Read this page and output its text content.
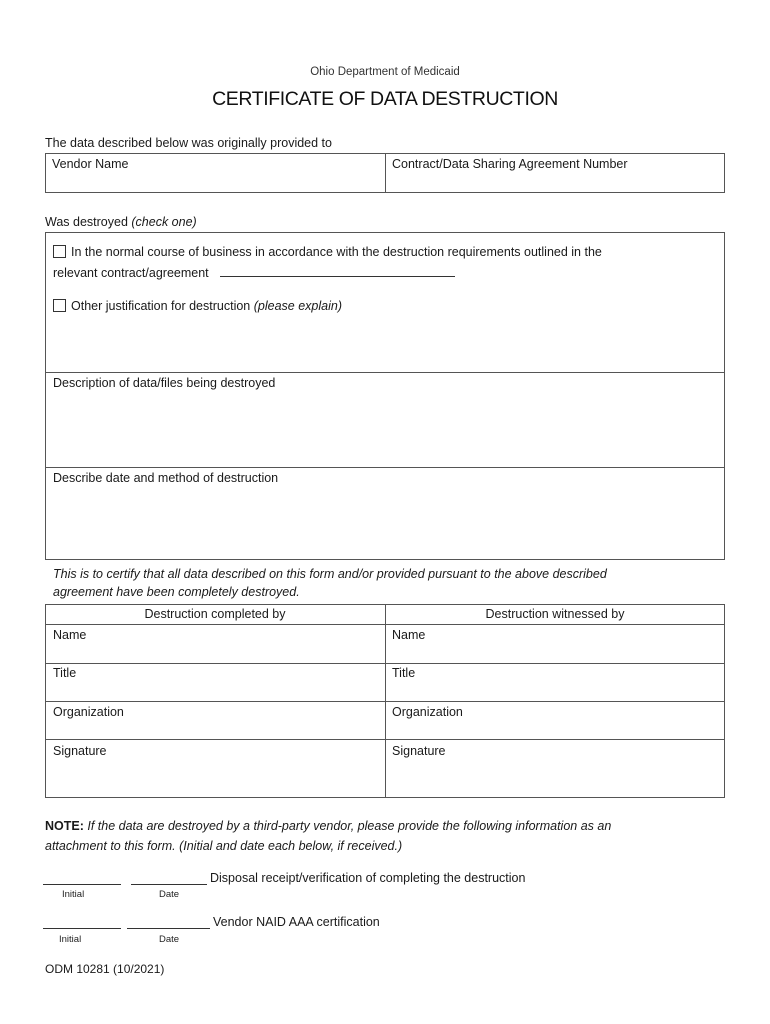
Ohio Department of Medicaid
CERTIFICATE OF DATA DESTRUCTION
The data described below was originally provided to
Vendor Name	Contract/Data Sharing Agreement Number
Was destroyed (check one)
In the normal course of business in accordance with the destruction requirements outlined in the
relevant contract/agreement
Other justification for destruction (please explain)
Description of data/files being destroyed
Describe date and method of destruction
This is to certify that all data described on this form and/or provided pursuant to the above described
agreement have been completely destroyed.
Destruction completed by	Destruction witnessed by
Name	Name
Title	Title
Organization	Organization
Signature	Signature
NOTE: If the data are destroyed by a third-party vendor, please provide the following information as an
attachment to this form. (Initial and date each below, if received.)
Disposal receipt/verification of completing the destruction
Initial	Date
Vendor NAID AAA certification
Initial	Date
ODM 10281 (10/2021)
